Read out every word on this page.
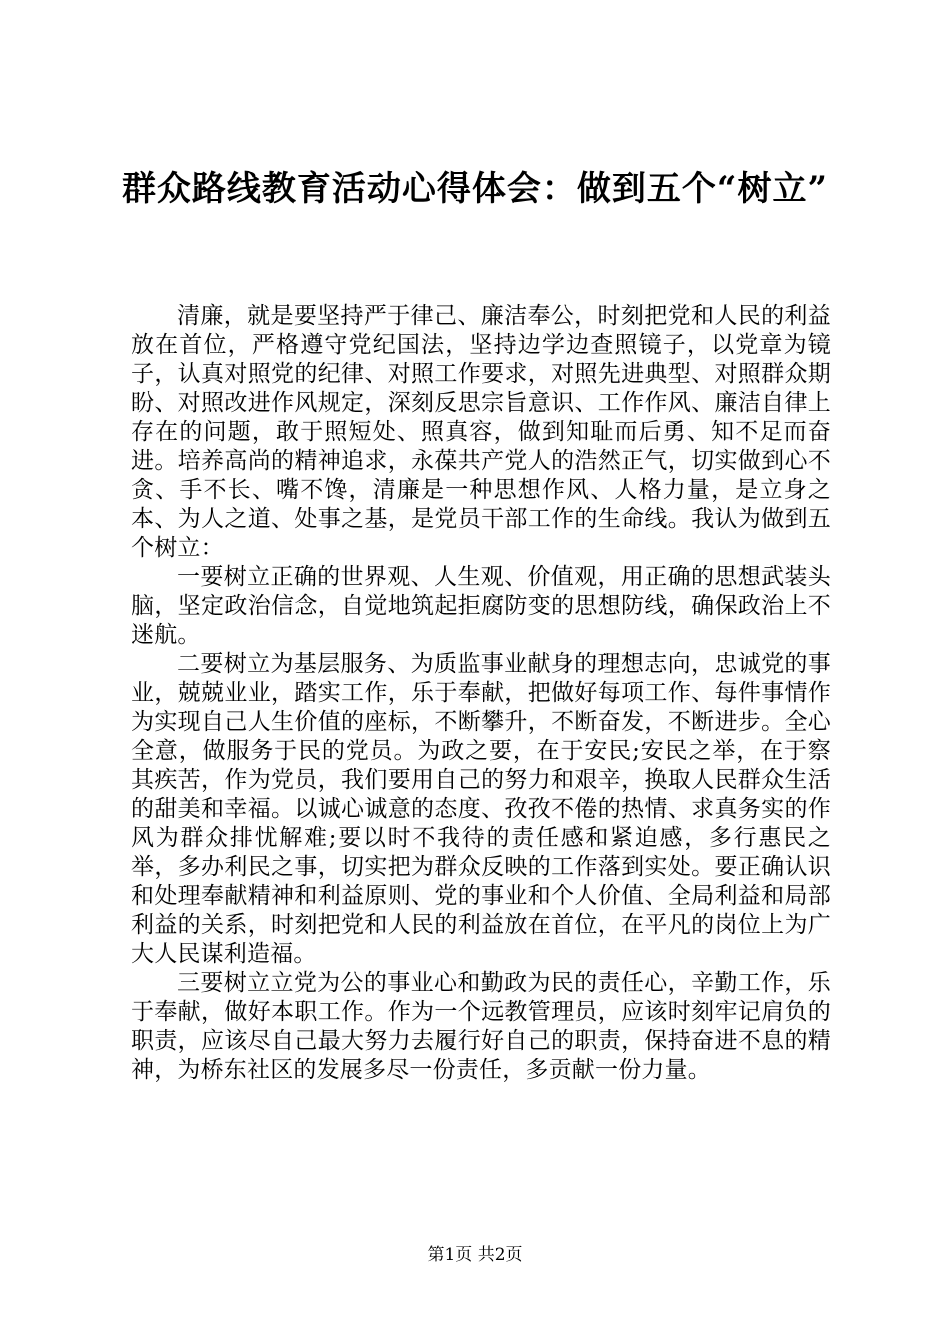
群众路线教育活动心得体会：做到五个“树立”

清廉，就是要坚持严于律己、廉洁奉公，时刻把党和人民的利益放在首位，严格遵守党纪国法，坚持边学边查照镜子，以党章为镜子，认真对照党的纪律、对照工作要求，对照先进典型、对照群众期盼、对照改进作风规定，深刻反思宗旨意识、工作作风、廉洁自律上存在的问题，敢于照短处、照真容，做到知耻而后勇、知不足而奋进。培养高尚的精神追求，永葆共产党人的浩然正气，切实做到心不贪、手不长、嘴不馋，清廉是一种思想作风、人格力量，是立身之本、为人之道、处事之基，是党员干部工作的生命线。我认为做到五个树立：

一要树立正确的世界观、人生观、价值观，用正确的思想武装头脑，坚定政治信念，自觉地筑起拒腐防变的思想防线，确保政治上不迷航。

二要树立为基层服务、为质监事业献身的理想志向，忠诚党的事业，兢兢业业，踏实工作，乐于奉献，把做好每项工作、每件事情作为实现自己人生价值的座标，不断攀升，不断奋发，不断进步。全心全意，做服务于民的党员。为政之要，在于安民;安民之举，在于察其疾苦，作为党员，我们要用自己的努力和艰辛，换取人民群众生活的甜美和幸福。以诚心诚意的态度、孜孜不倦的热情、求真务实的作风为群众排忧解难;要以时不我待的责任感和紧迫感，多行惠民之举，多办利民之事，切实把为群众反映的工作落到实处。要正确认识和处理奉献精神和利益原则、党的事业和个人价值、全局利益和局部利益的关系，时刻把党和人民的利益放在首位，在平凡的岗位上为广大人民谋利造福。

三要树立立党为公的事业心和勤政为民的责任心，辛勤工作，乐于奉献，做好本职工作。作为一个远教管理员，应该时刻牢记肩负的职责，应该尽自己最大努力去履行好自己的职责，保持奋进不息的精神，为桥东社区的发展多尽一份责任，多贡献一份力量。

第1页 共2页
